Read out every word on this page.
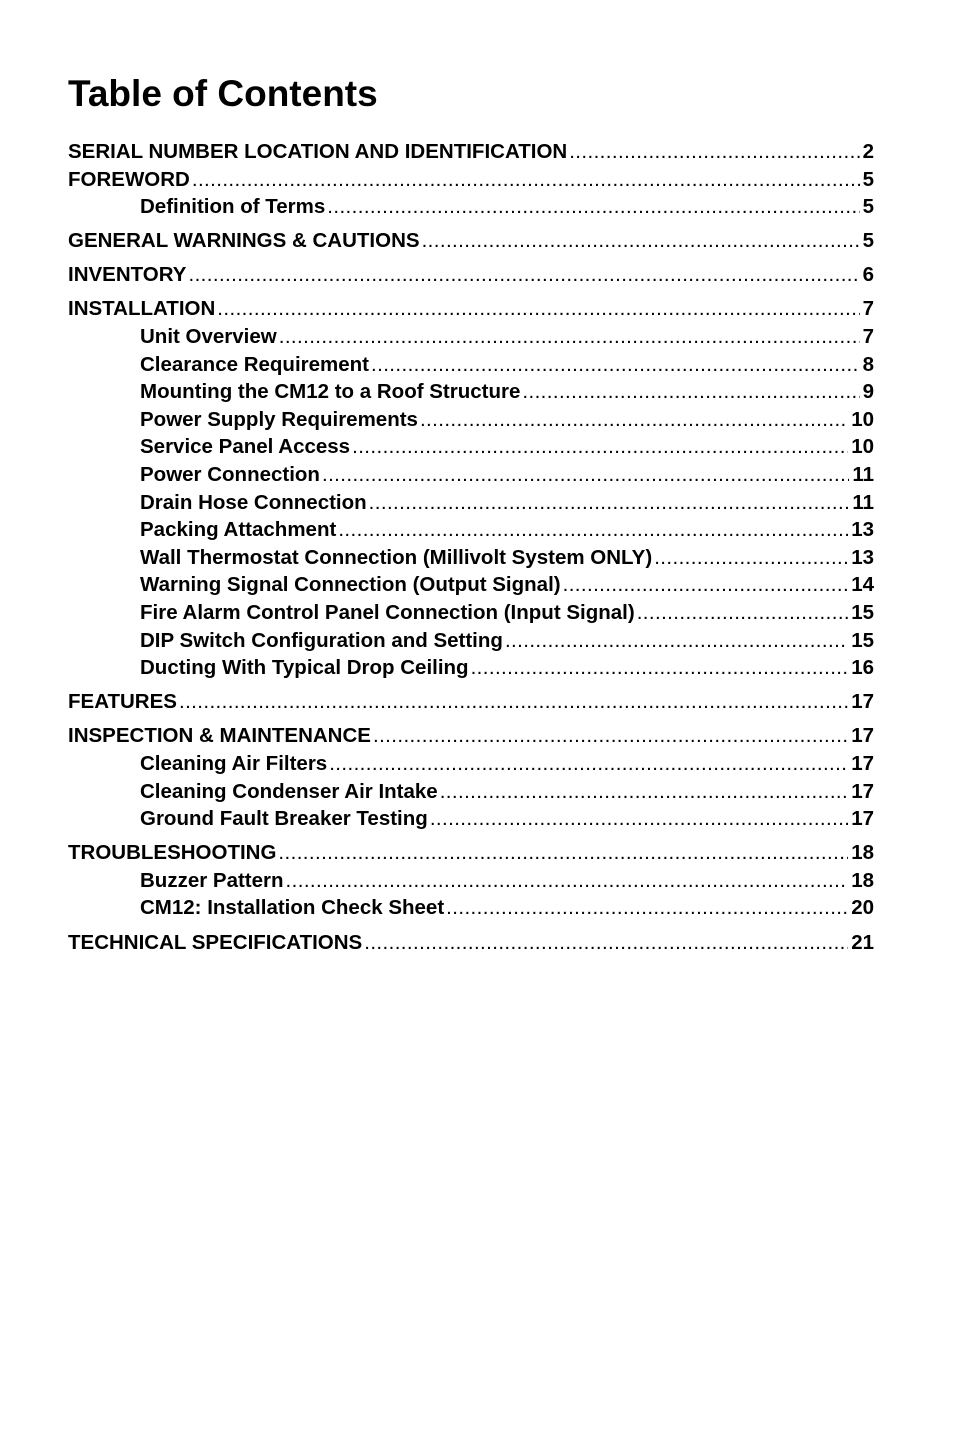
Table of Contents
SERIAL NUMBER LOCATION AND IDENTIFICATION .....	2
FOREWORD .....	5
Definition of Terms .....	5
GENERAL WARNINGS & CAUTIONS .....	5
INVENTORY .....	6
INSTALLATION .....	7
Unit Overview .....	7
Clearance Requirement .....	8
Mounting the CM12 to a Roof Structure .....	9
Power Supply Requirements .....	10
Service Panel Access .....	10
Power Connection .....	11
Drain Hose Connection .....	11
Packing Attachment .....	13
Wall Thermostat Connection (Millivolt System ONLY) .....	13
Warning Signal Connection (Output Signal) .....	14
Fire Alarm Control Panel Connection (Input Signal) .....	15
DIP Switch Configuration and Setting .....	15
Ducting With Typical Drop Ceiling .....	16
FEATURES .....	17
INSPECTION & MAINTENANCE .....	17
Cleaning Air Filters .....	17
Cleaning Condenser Air Intake .....	17
Ground Fault Breaker Testing .....	17
TROUBLESHOOTING .....	18
Buzzer Pattern .....	18
CM12: Installation Check Sheet .....	20
TECHNICAL SPECIFICATIONS .....	21
